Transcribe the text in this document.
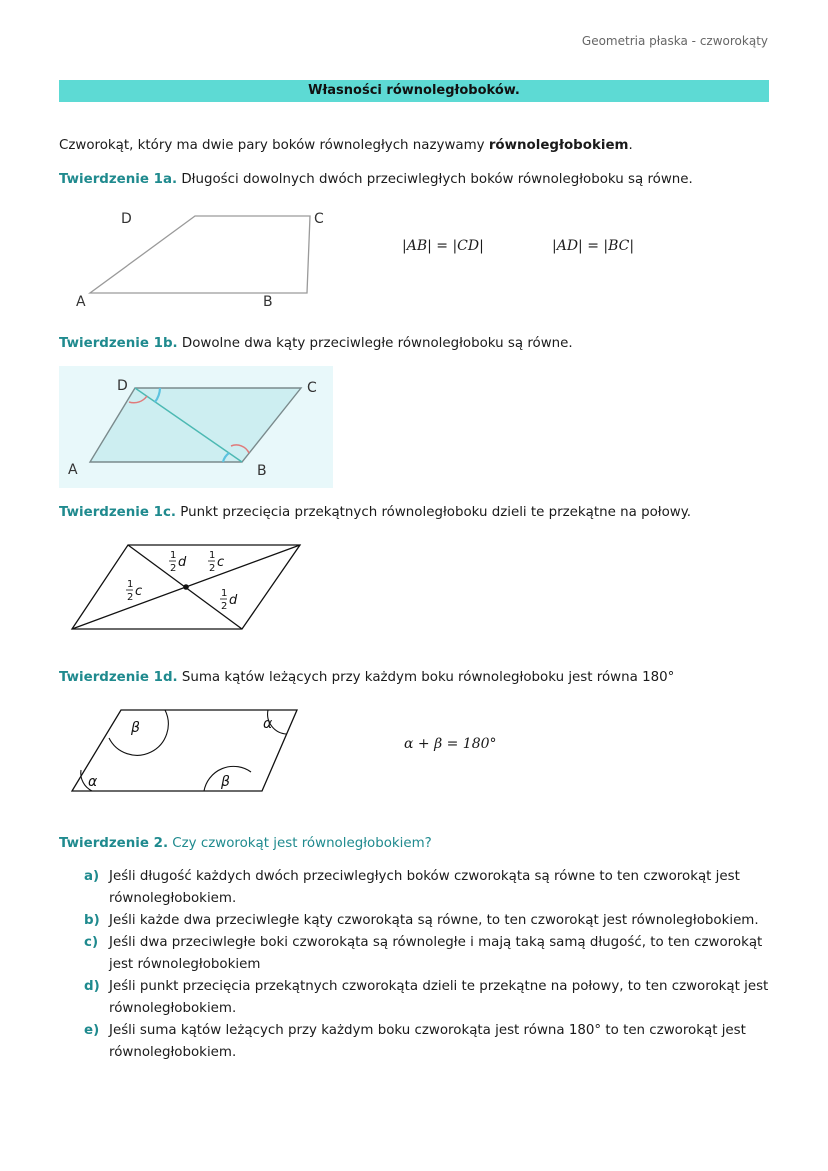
Geometria płaska - czworokąty
Własności równoległoboków.
Czworokąt, który ma dwie pary boków równoległych nazywamy równoległobokiem.
Twierdzenie 1a. Długości dowolnych dwóch przeciwległych boków równoległoboku są równe.
A	B
C
D
|AB| = |CD|	|AD| = |BC|
Twierdzenie 1b. Dowolne dwa kąty przeciwległe równoległoboku są równe.
A	B
C
D
Twierdzenie 1c. Punkt przecięcia przekątnych równoległoboku dzieli te przekątne na połowy.
1
2 d 1
2 c
1
2 c	1
2 d
Twierdzenie 1d. Suma kątów leżących przy każdym boku równoległoboku jest równa 180°
α
β
β
α
α + β = 180°
Twierdzenie 2. Czy czworokąt jest równoległobokiem?
a) Jeśli długość każdych dwóch przeciwległych boków czworokąta są równe to ten czworokąt jest
równoległobokiem.
b) Jeśli każde dwa przeciwległe kąty czworokąta są równe, to ten czworokąt jest równoległobokiem.
c) Jeśli dwa przeciwległe boki czworokąta są równoległe i mają taką samą długość, to ten czworokąt
jest równoległobokiem
d) Jeśli punkt przecięcia przekątnych czworokąta dzieli te przekątne na połowy, to ten czworokąt jest
równoległobokiem.
e) Jeśli suma kątów leżących przy każdym boku czworokąta jest równa 180° to ten czworokąt jest
równoległobokiem.
